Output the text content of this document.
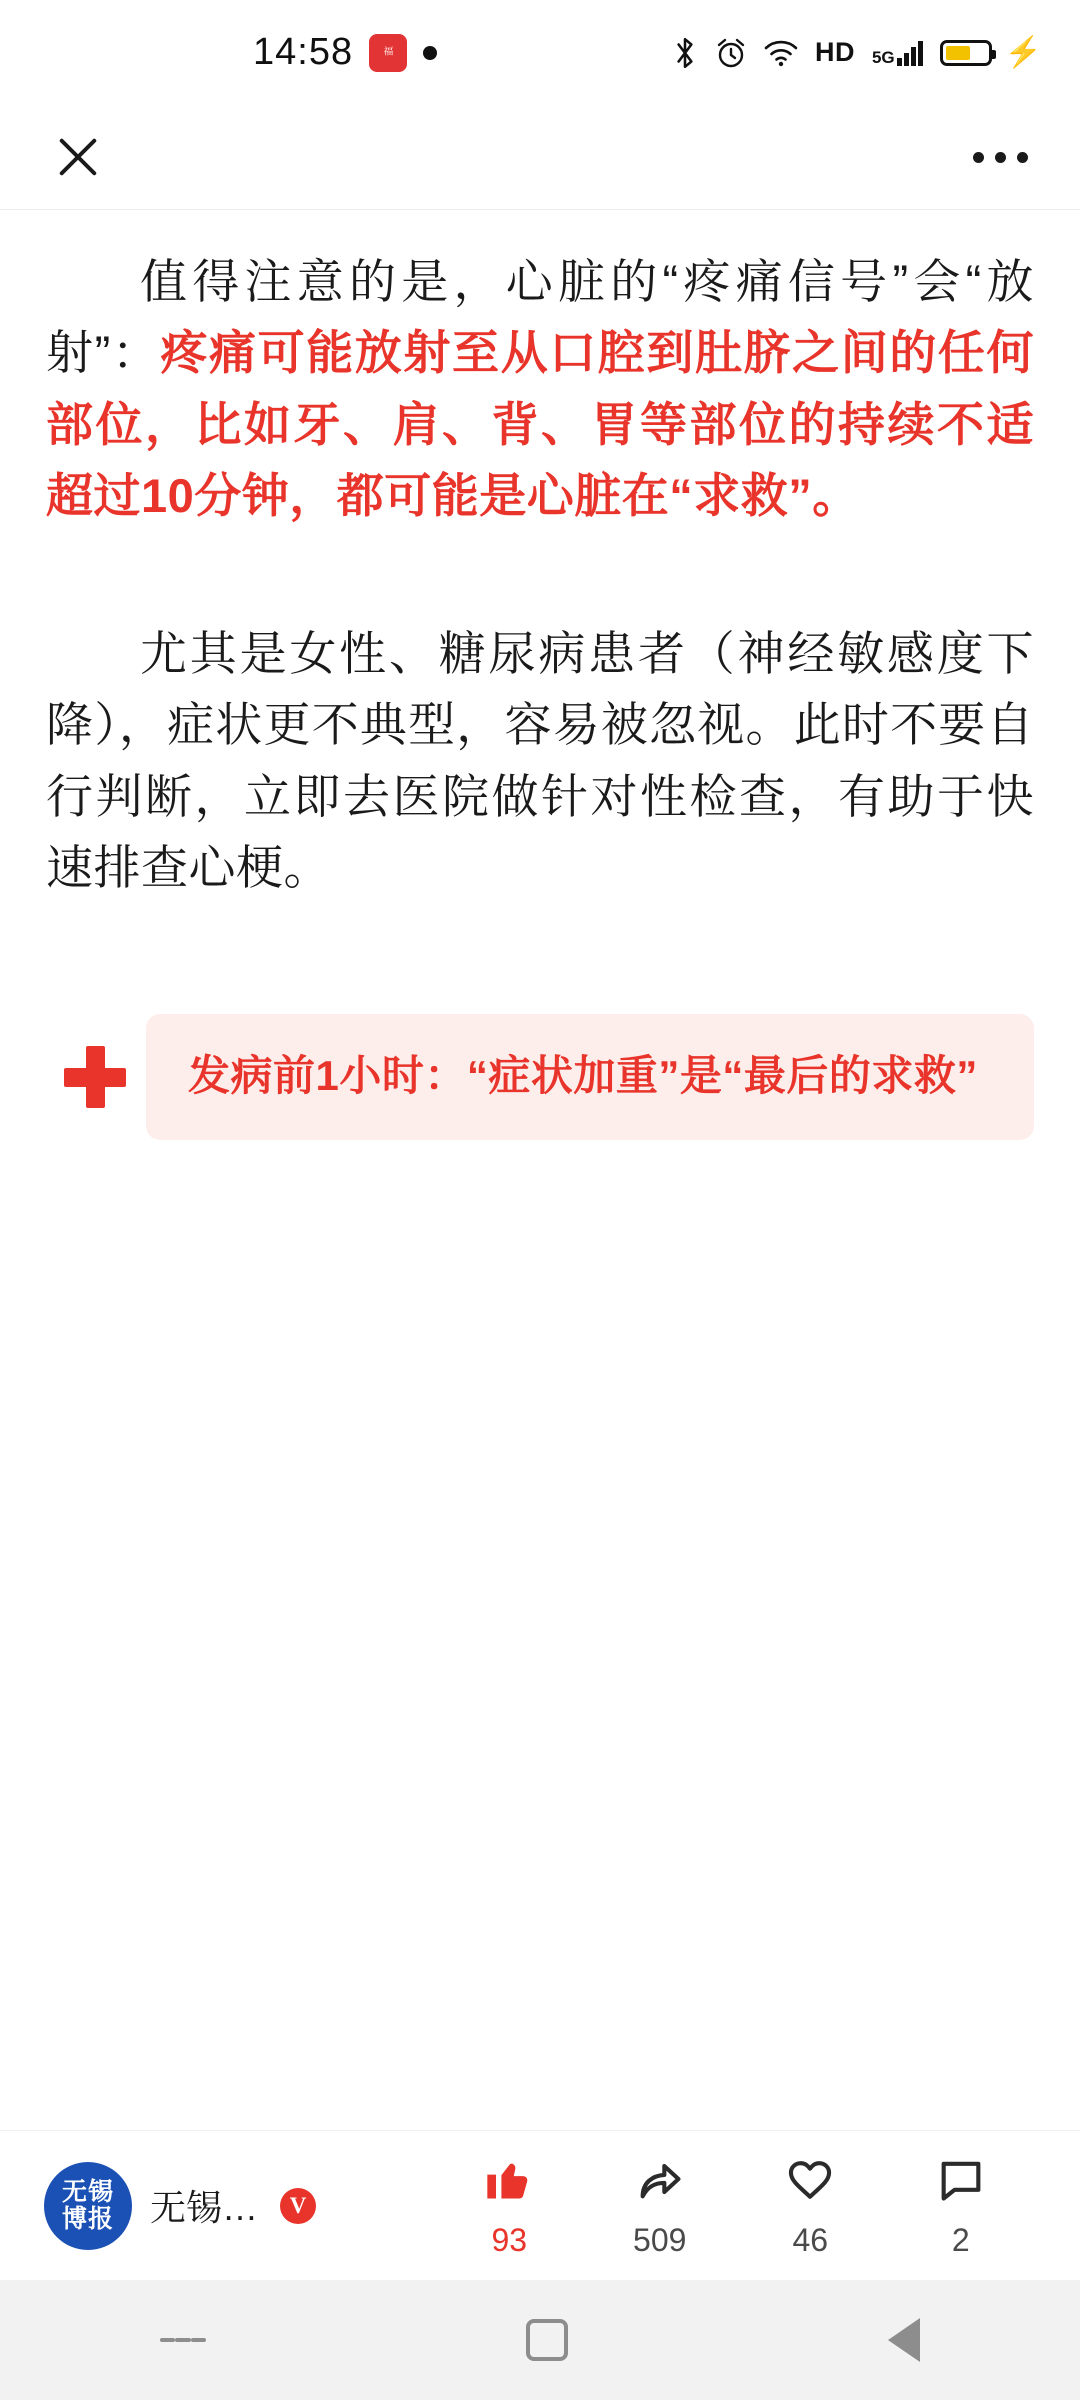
14:58	福	HD 5G	⚡

值得注意的是，心脏的“疼痛信号”会“放射”：疼痛可能放射至从口腔到肚脐之间的任何部位，比如牙、肩、背、胃等部位的持续不适超过10分钟，都可能是心脏在“求救”。

尤其是女性、糖尿病患者（神经敏感度下降），症状更不典型，容易被忽视。此时不要自行判断，立即去医院做针对性检查，有助于快速排查心梗。

发病前1小时：“症状加重”是“最后的求救”
无锡
博报 无锡…	V
93	509	46	2
